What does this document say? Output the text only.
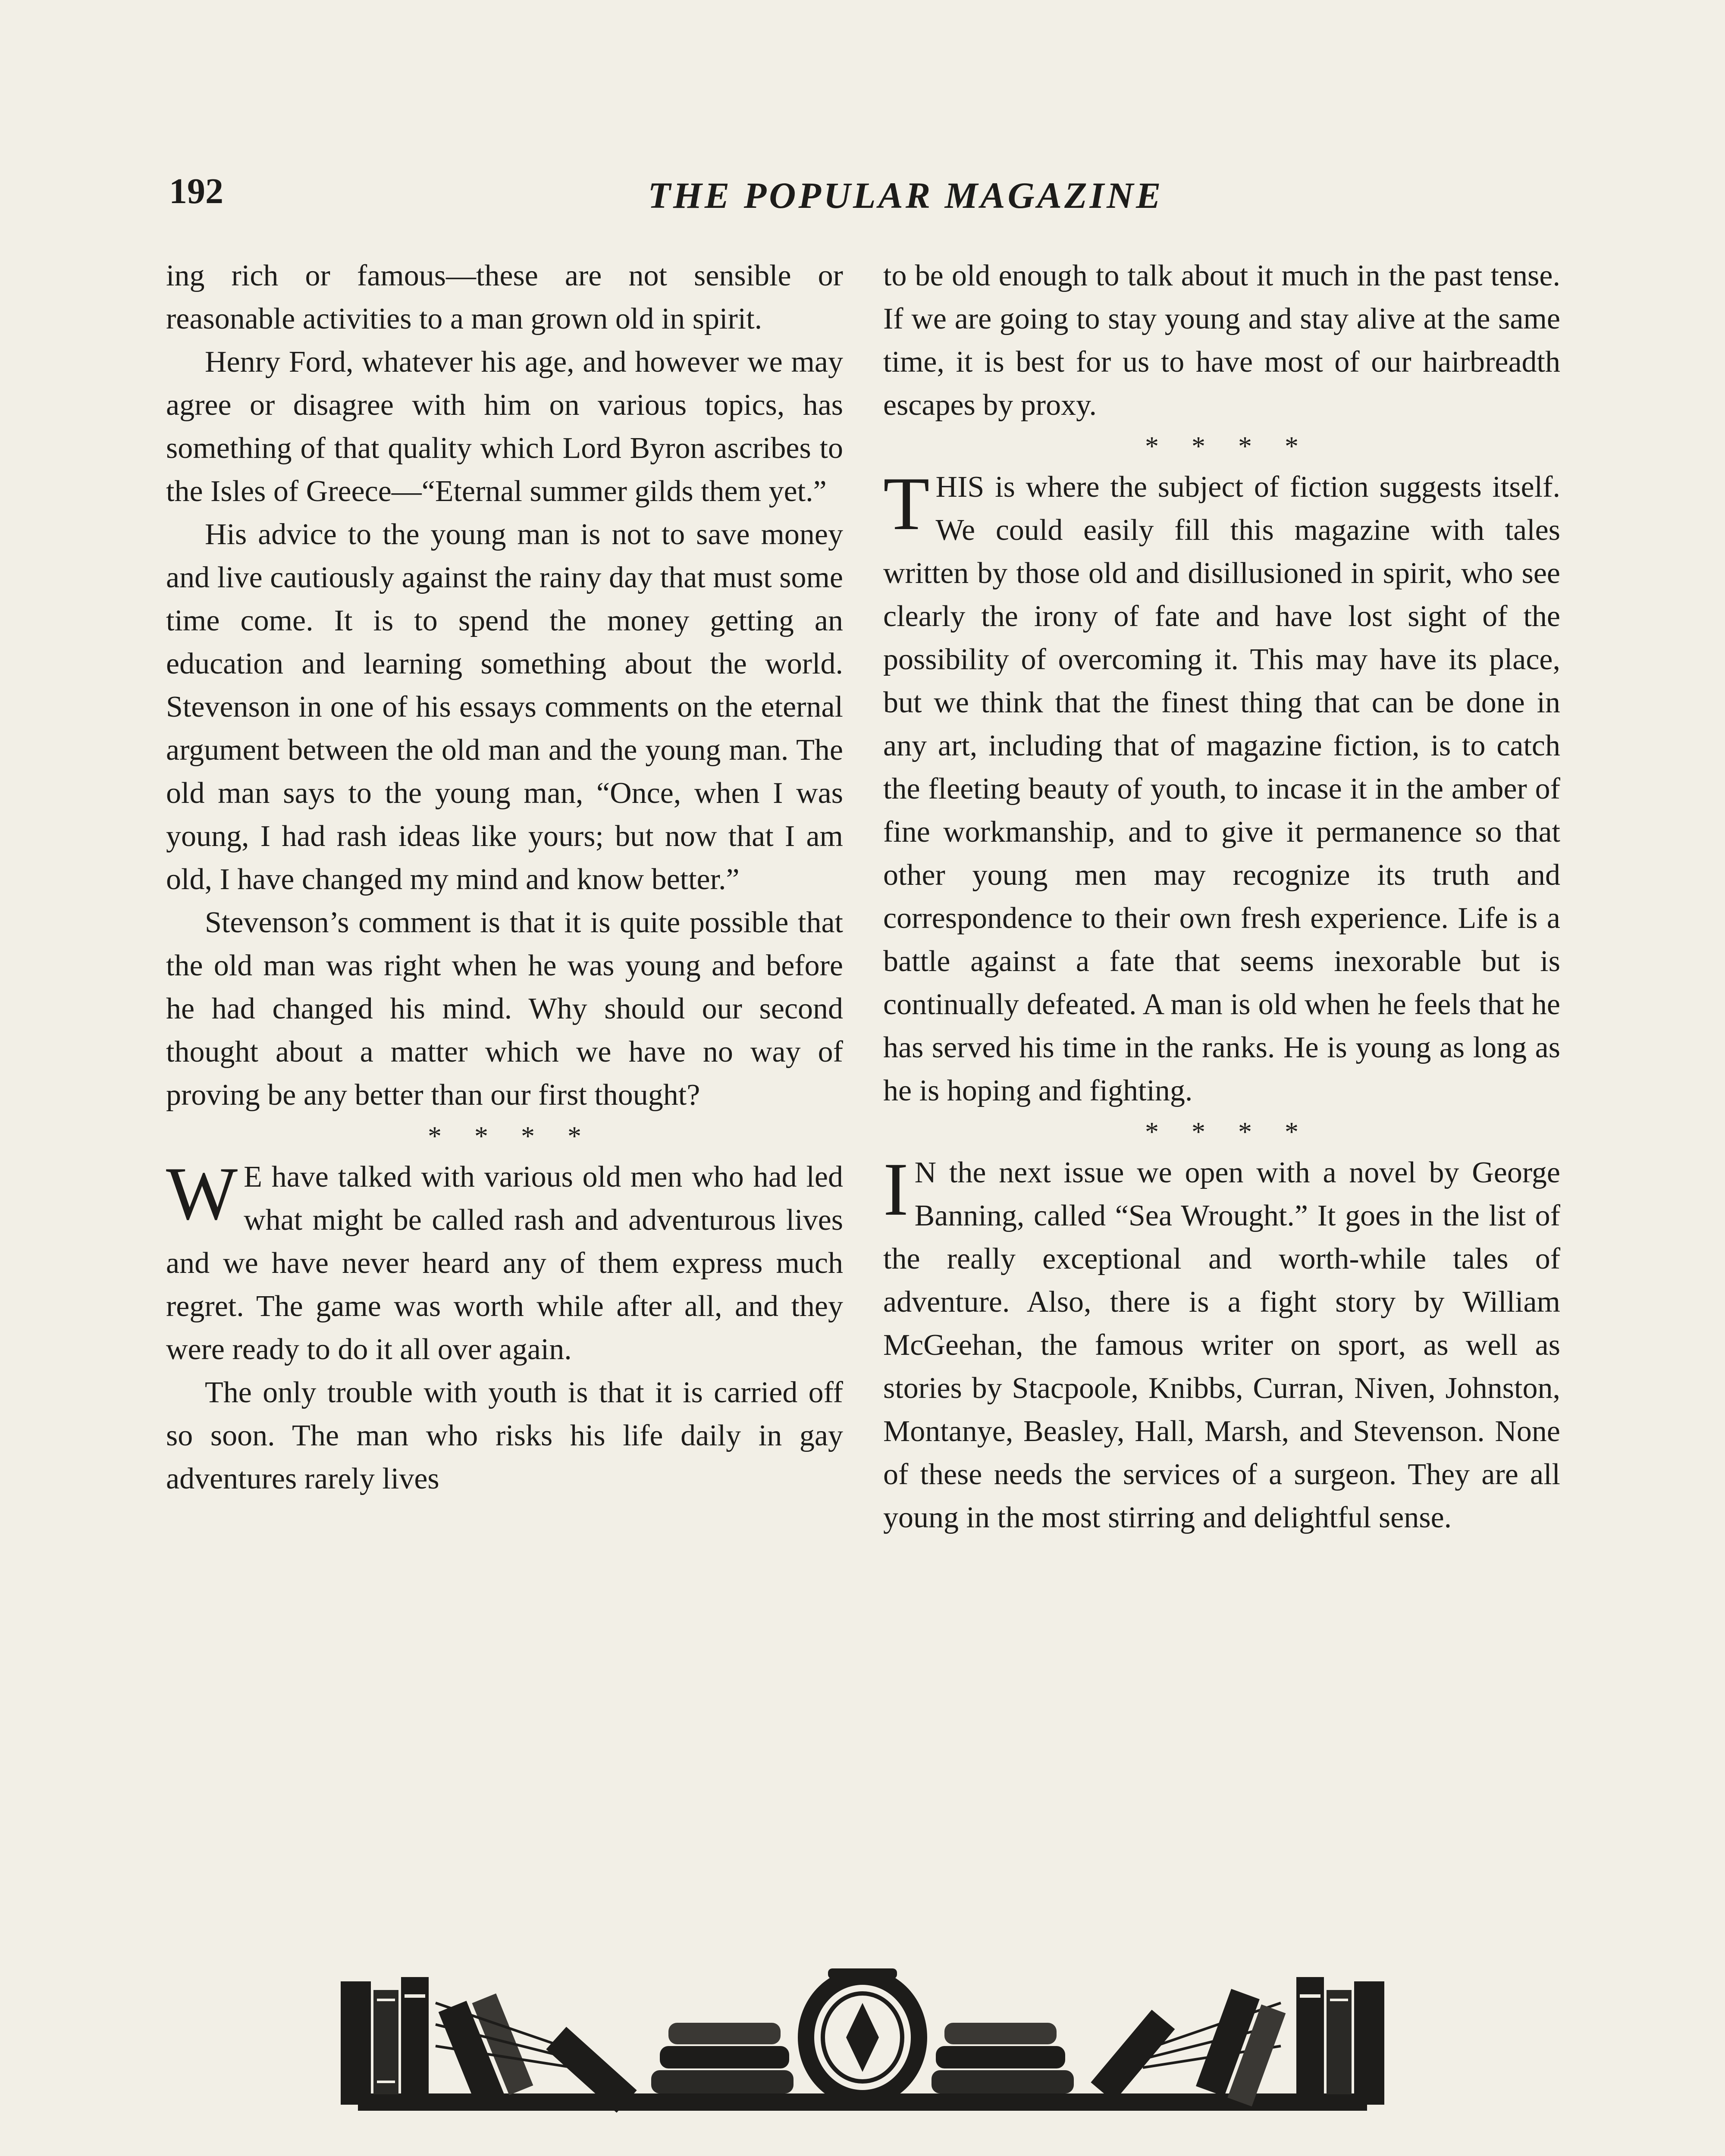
192	THE POPULAR MAGAZINE

ing rich or famous—these are not sensible or reasonable activities to a man grown old in spirit.

Henry Ford, whatever his age, and however we may agree or disagree with him on various topics, has something of that quality which Lord Byron ascribes to the Isles of Greece—“Eternal summer gilds them yet.”

His advice to the young man is not to save money and live cautiously against the rainy day that must some time come. It is to spend the money getting an education and learning something about the world. Stevenson in one of his essays comments on the eternal argument between the old man and the young man. The old man says to the young man, “Once, when I was young, I had rash ideas like yours; but now that I am old, I have changed my mind and know better.”

Stevenson’s comment is that it is quite possible that the old man was right when he was young and before he had changed his mind. Why should our second thought about a matter which we have no way of proving be any better than our first thought?

* * * *

W E have talked with various old men who had led what might be called rash and adventurous lives and we have never heard any of them express much regret. The game was worth while after all, and they were ready to do it all over again.

The only trouble with youth is that it is carried off so soon. The man who risks his life daily in gay adventures rarely lives

to be old enough to talk about it much in the past tense. If we are going to stay young and stay alive at the same time, it is best for us to have most of our hairbreadth escapes by proxy.

* * * *

THIS is where the subject of fiction suggests itself. We could easily fill this magazine with tales written by those old and disillusioned in spirit, who see clearly the irony of fate and have lost sight of the possibility of overcoming it. This may have its place, but we think that the finest thing that can be done in any art, including that of magazine fiction, is to catch the fleeting beauty of youth, to incase it in the amber of fine workmanship, and to give it permanence so that other young men may recognize its truth and correspondence to their own fresh experience. Life is a battle against a fate that seems inexorable but is continually defeated. A man is old when he feels that he has served his time in the ranks. He is young as long as he is hoping and fighting.

* * * *

I N the next issue we open with a novel by George Banning, called “Sea Wrought.” It goes in the list of the really exceptional and worth-while tales of adventure. Also, there is a fight story by William McGeehan, the famous writer on sport, as well as stories by Stacpoole, Knibbs, Curran, Niven, Johnston, Montanye, Beasley, Hall, Marsh, and Stevenson. None of these needs the services of a surgeon. They are all young in the most stirring and delightful sense.
